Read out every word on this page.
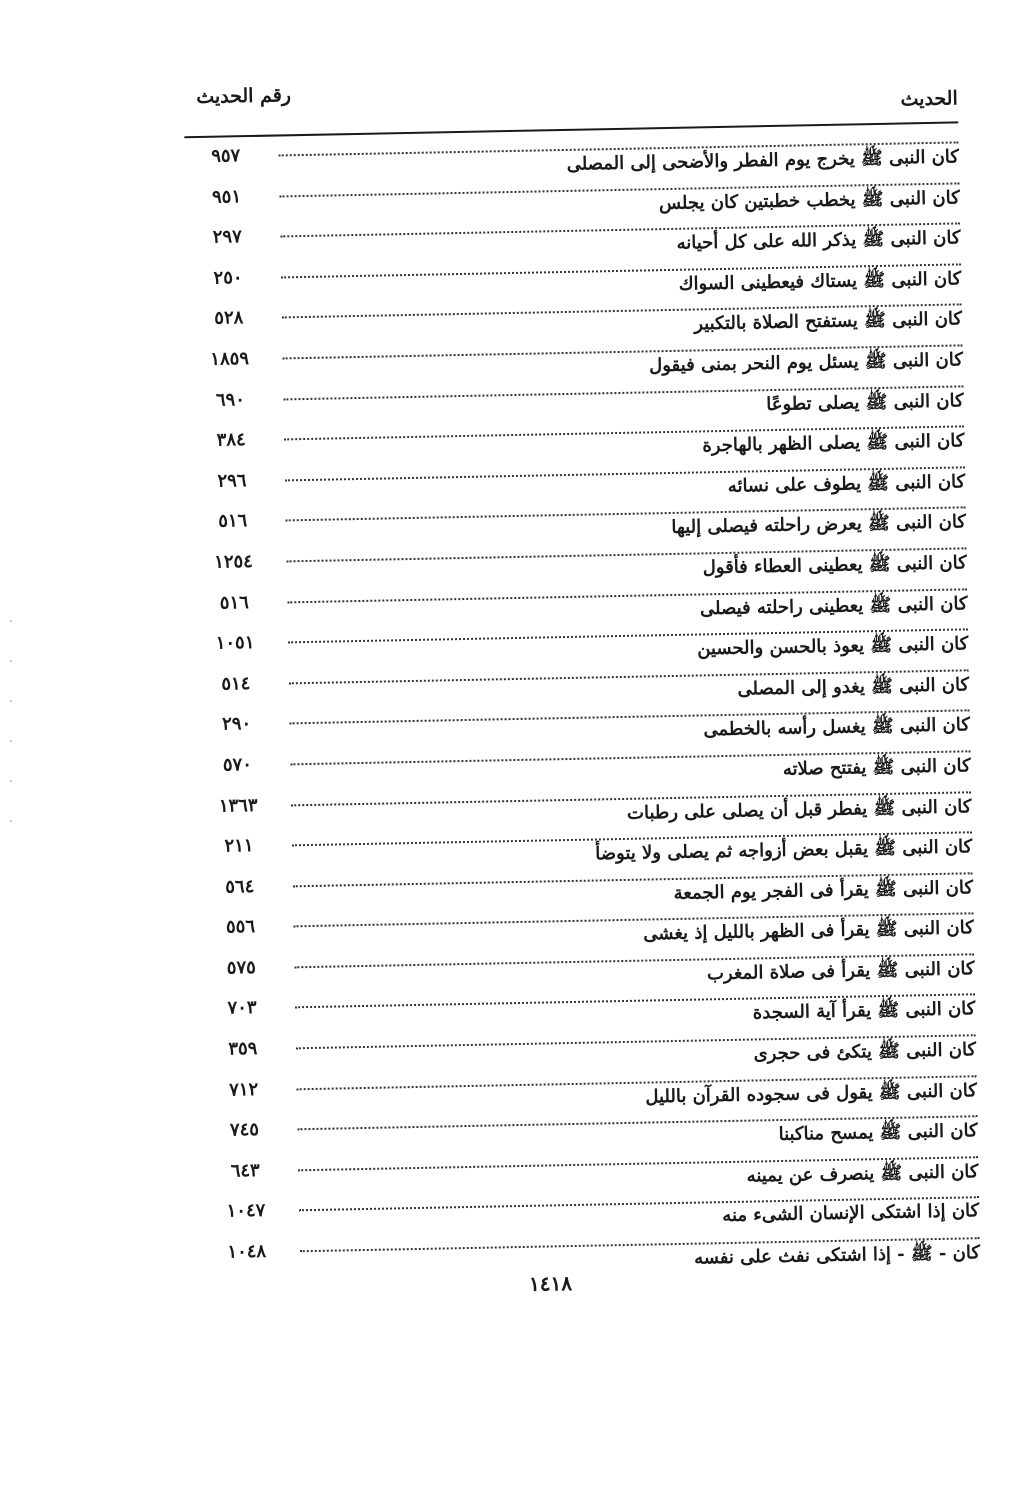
الحديث
رقم الحديث
٩٥٧	كان النبى ﷺ يخرج يوم الفطر والأضحى إلى المصلى
٩٥١	كان النبى ﷺ يخطب خطبتين كان يجلس
٢٩٧	كان النبى ﷺ يذكر الله على كل أحيانه
٢٥٠	كان النبى ﷺ يستاك فيعطينى السواك
٥٢٨	كان النبى ﷺ يستفتح الصلاة بالتكبير
١٨٥٩	كان النبى ﷺ يسئل يوم النحر بمنى فيقول
٦٩٠	كان النبى ﷺ يصلى تطوعًا
٣٨٤	كان النبى ﷺ يصلى الظهر بالهاجرة
٢٩٦	كان النبى ﷺ يطوف على نسائه
٥١٦	كان النبى ﷺ يعرض راحلته فيصلى إليها
١٢٥٤	كان النبى ﷺ يعطينى العطاء فأقول
٥١٦	كان النبى ﷺ يعطينى راحلته فيصلى
١٠٥١	كان النبى ﷺ يعوذ بالحسن والحسين
٥١٤	كان النبى ﷺ يغدو إلى المصلى
٢٩٠	كان النبى ﷺ يغسل رأسه بالخطمى
٥٧٠	كان النبى ﷺ يفتتح صلاته
١٣٦٣	كان النبى ﷺ يفطر قبل أن يصلى على رطبات
٢١١	كان النبى ﷺ يقبل بعض أزواجه ثم يصلى ولا يتوضأ
٥٦٤	كان النبى ﷺ يقرأ فى الفجر يوم الجمعة
٥٥٦	كان النبى ﷺ يقرأ فى الظهر بالليل إذ يغشى
٥٧٥	كان النبى ﷺ يقرأ فى صلاة المغرب
٧٠٣	كان النبى ﷺ يقرأ آية السجدة
٣٥٩	كان النبى ﷺ يتكئ فى حجرى
٧١٢	كان النبى ﷺ يقول فى سجوده القرآن بالليل
٧٤٥	كان النبى ﷺ يمسح مناكبنا
٦٤٣	كان النبى ﷺ ينصرف عن يمينه
١٠٤٧	كان إذا اشتكى الإنسان الشىء منه
١٠٤٨	كان - ﷺ - إذا اشتكى نفث على نفسه
١٤١٨
